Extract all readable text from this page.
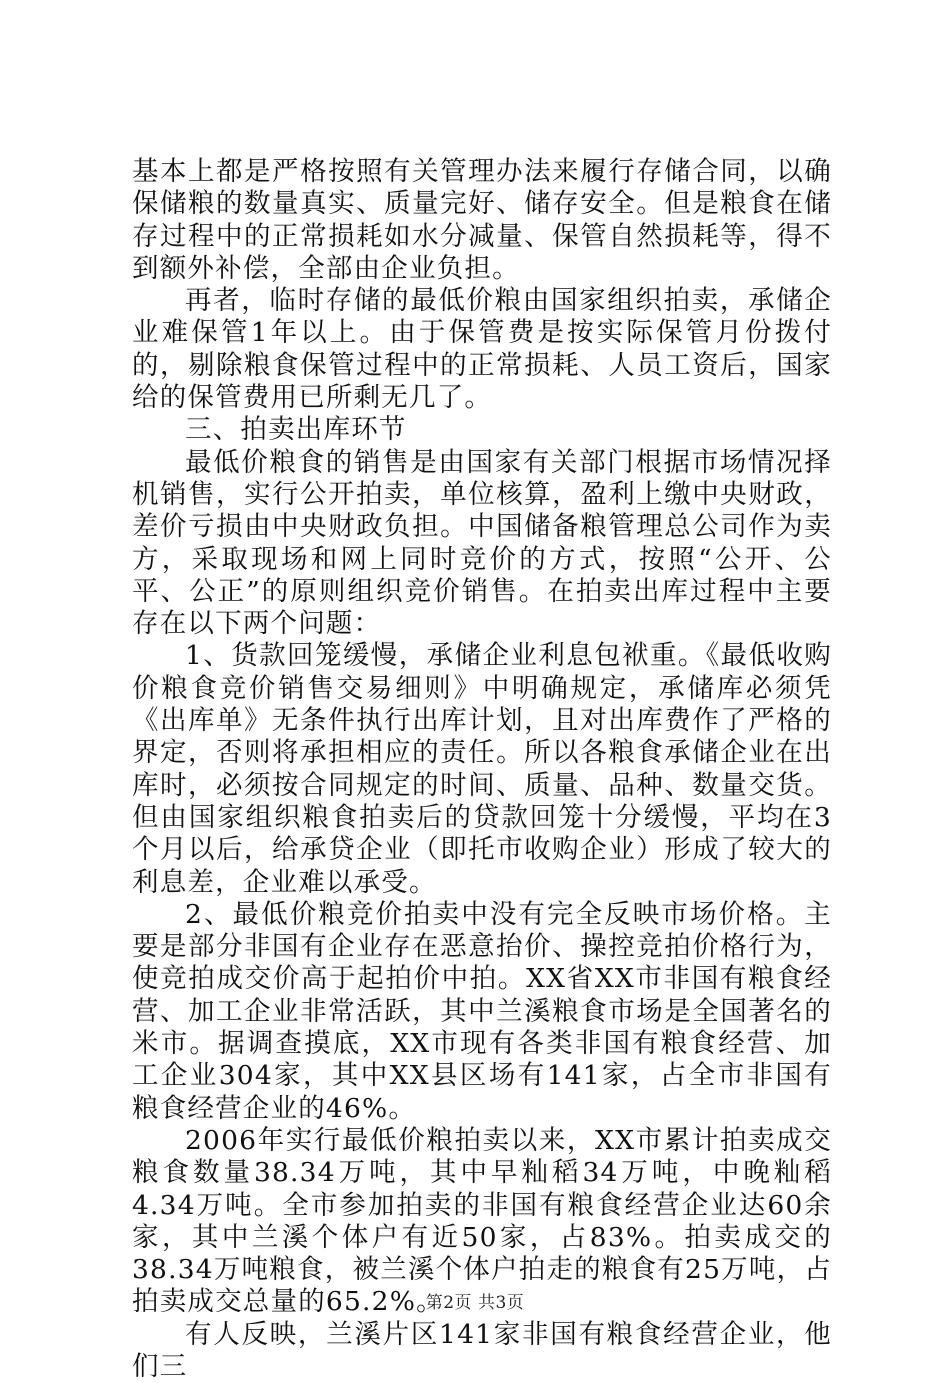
基本上都是严格按照有关管理办法来履行存储合同，以确保储粮的数量真实、质量完好、储存安全。但是粮食在储存过程中的正常损耗如水分减量、保管自然损耗等，得不到额外补偿，全部由企业负担。

再者，临时存储的最低价粮由国家组织拍卖，承储企业难保管1年以上。由于保管费是按实际保管月份拨付的，剔除粮食保管过程中的正常损耗、人员工资后，国家给的保管费用已所剩无几了。

三、拍卖出库环节

最低价粮食的销售是由国家有关部门根据市场情况择机销售，实行公开拍卖，单位核算，盈利上缴中央财政，差价亏损由中央财政负担。中国储备粮管理总公司作为卖方，采取现场和网上同时竞价的方式，按照“公开、公平、公正”的原则组织竞价销售。在拍卖出库过程中主要存在以下两个问题：

1、货款回笼缓慢，承储企业利息包袱重。《最低收购价粮食竞价销售交易细则》中明确规定，承储库必须凭《出库单》无条件执行出库计划，且对出库费作了严格的界定，否则将承担相应的责任。所以各粮食承储企业在出库时，必须按合同规定的时间、质量、品种、数量交货。但由国家组织粮食拍卖后的贷款回笼十分缓慢，平均在3个月以后，给承贷企业（即托市收购企业）形成了较大的利息差，企业难以承受。

2、最低价粮竞价拍卖中没有完全反映市场价格。主要是部分非国有企业存在恶意抬价、操控竞拍价格行为，使竞拍成交价高于起拍价中拍。XX省XX市非国有粮食经营、加工企业非常活跃，其中兰溪粮食市场是全国著名的米市。据调查摸底，XX市现有各类非国有粮食经营、加工企业304家，其中XX县区场有141家，占全市非国有粮食经营企业的46%。

2006年实行最低价粮拍卖以来，XX市累计拍卖成交粮食数量38.34万吨，其中早籼稻34万吨，中晚籼稻4.34万吨。全市参加拍卖的非国有粮食经营企业达60余家，其中兰溪个体户有近50家，占83%。拍卖成交的38.34万吨粮食，被兰溪个体户拍走的粮食有25万吨，占拍卖成交总量的65.2%。

有人反映，兰溪片区141家非国有粮食经营企业，他们三

第2页 共3页
